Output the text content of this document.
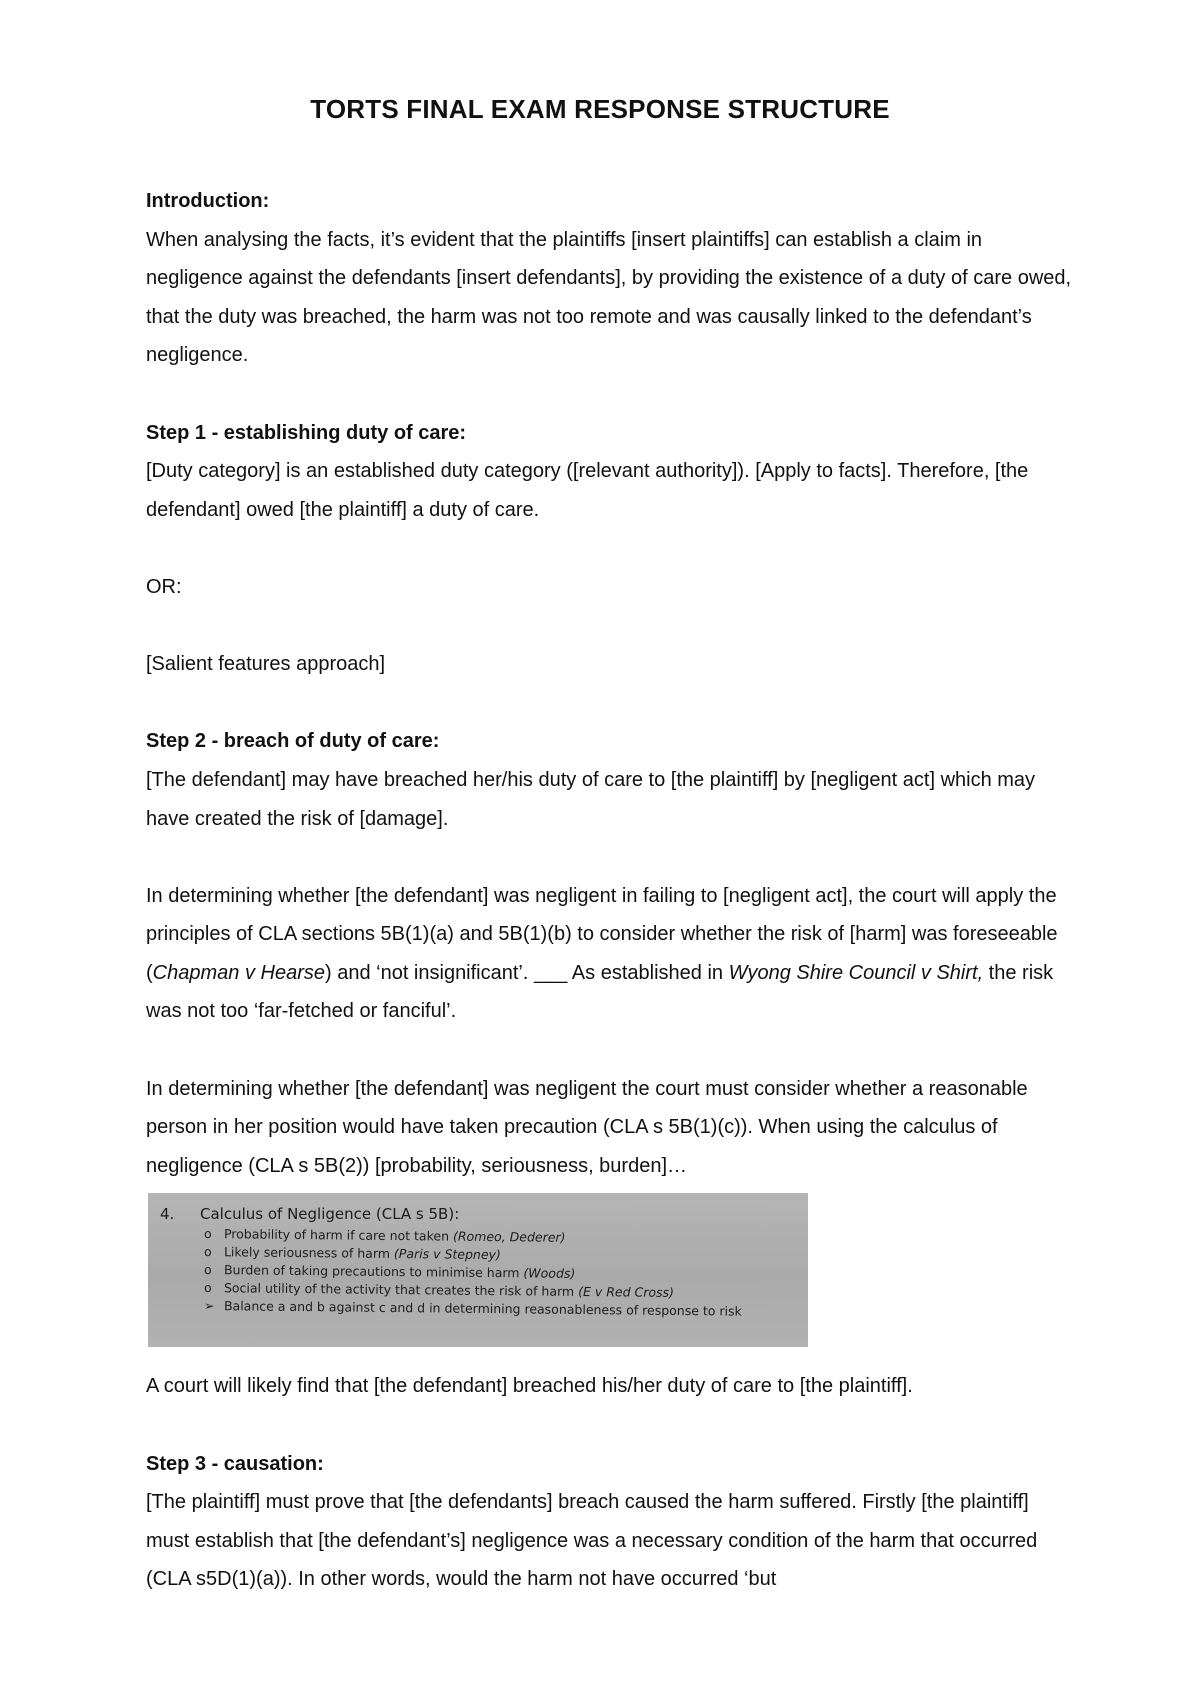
TORTS FINAL EXAM RESPONSE STRUCTURE

Introduction:

When analysing the facts, it’s evident that the plaintiffs [insert plaintiffs] can establish a claim in negligence against the defendants [insert defendants], by providing the existence of a duty of care owed, that the duty was breached, the harm was not too remote and was causally linked to the defendant’s negligence.

Step 1 - establishing duty of care:

[Duty category] is an established duty category ([relevant authority]). [Apply to facts]. Therefore, [the defendant] owed [the plaintiff] a duty of care.

OR:

[Salient features approach]

Step 2 - breach of duty of care:

[The defendant] may have breached her/his duty of care to [the plaintiff] by [negligent act] which may have created the risk of [damage].

In determining whether [the defendant] was negligent in failing to [negligent act], the court will apply the principles of CLA sections 5B(1)(a) and 5B(1)(b) to consider whether the risk of [harm] was foreseeable (Chapman v Hearse) and ‘not insignificant’. ___ As established in Wyong Shire Council v Shirt, the risk was not too ‘far-fetched or fanciful’.

In determining whether [the defendant] was negligent the court must consider whether a reasonable person in her position would have taken precaution (CLA s 5B(1)(c)). When using the calculus of negligence (CLA s 5B(2)) [probability, seriousness, burden]…

4. Calculus of Negligence (CLA s 5B):
o Probability of harm if care not taken (Romeo, Dederer)
o Likely seriousness of harm (Paris v Stepney)
o Burden of taking precautions to minimise harm (Woods)
o Social utility of the activity that creates the risk of harm (E v Red Cross)
➢ Balance a and b against c and d in determining reasonableness of response to risk

A court will likely find that [the defendant] breached his/her duty of care to [the plaintiff].

Step 3 - causation:

[The plaintiff] must prove that [the defendants] breach caused the harm suffered. Firstly [the plaintiff] must establish that [the defendant’s] negligence was a necessary condition of the harm that occurred (CLA s5D(1)(a)). In other words, would the harm not have occurred ‘but
